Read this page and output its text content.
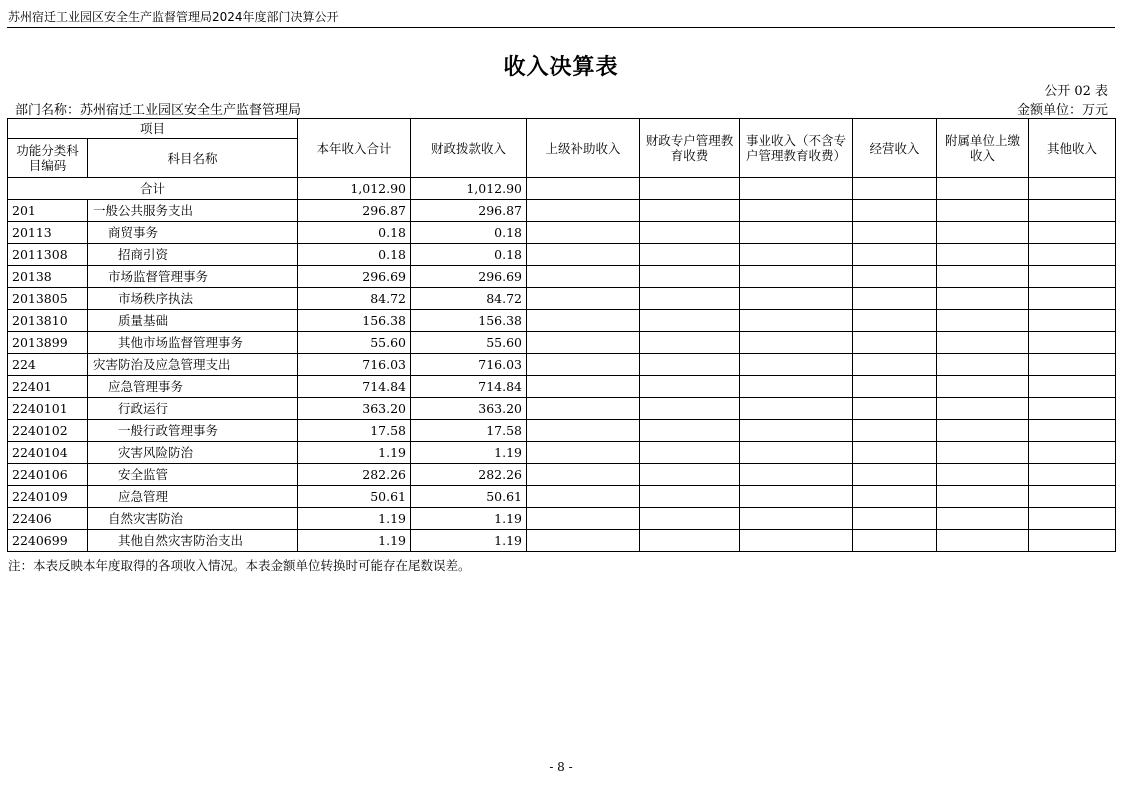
苏州宿迁工业园区安全生产监督管理局2024年度部门决算公开
收入决算表
公开 02 表
部门名称：苏州宿迁工业园区安全生产监督管理局	金额单位：万元
项目		本年收入合计	财政拨款收入	上级补助收入	财政专户管理教育收费	事业收入（不含专户管理教育收费）	经营收入	附属单位上缴收入	其他收入
功能分类科目编码	科目名称								
合计		1,012.90	1,012.90						
201	一般公共服务支出	296.87	296.87						
20113	商贸事务	0.18	0.18						
2011308	招商引资	0.18	0.18						
20138	市场监督管理事务	296.69	296.69						
2013805	市场秩序执法	84.72	84.72						
2013810	质量基础	156.38	156.38						
2013899	其他市场监督管理事务	55.60	55.60						
224	灾害防治及应急管理支出	716.03	716.03						
22401	应急管理事务	714.84	714.84						
2240101	行政运行	363.20	363.20						
2240102	一般行政管理事务	17.58	17.58						
2240104	灾害风险防治	1.19	1.19						
2240106	安全监管	282.26	282.26						
2240109	应急管理	50.61	50.61						
22406	自然灾害防治	1.19	1.19						
2240699	其他自然灾害防治支出	1.19	1.19						
注：本表反映本年度取得的各项收入情况。本表金额单位转换时可能存在尾数误差。
- 8 -
